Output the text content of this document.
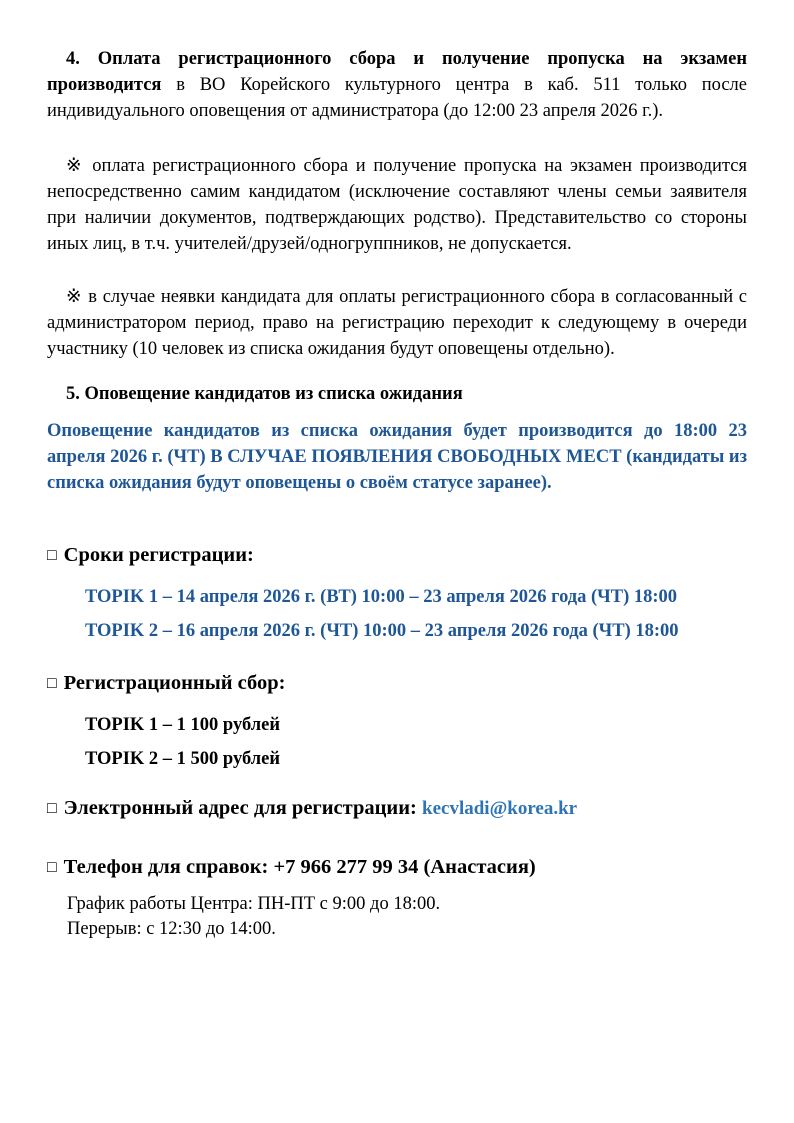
4. Оплата регистрационного сбора и получение пропуска на экзамен производится в ВО Корейского культурного центра в каб. 511 только после индивидуального оповещения от администратора (до 12:00 23 апреля 2026 г.).

※ оплата регистрационного сбора и получение пропуска на экзамен производится непосредственно самим кандидатом (исключение составляют члены семьи заявителя при наличии документов, подтверждающих родство). Представительство со стороны иных лиц, в т.ч. учителей/друзей/одногруппников, не допускается.

※ в случае неявки кандидата для оплаты регистрационного сбора в согласованный с администратором период, право на регистрацию переходит к следующему в очереди участнику (10 человек из списка ожидания будут оповещены отдельно).

5. Оповещение кандидатов из списка ожидания

Оповещение кандидатов из списка ожидания будет производится до 18:00 23 апреля 2026 г. (ЧТ) В СЛУЧАЕ ПОЯВЛЕНИЯ СВОБОДНЫХ МЕСТ (кандидаты из списка ожидания будут оповещены о своём статусе заранее).

□ Сроки регистрации:

TOPIK 1 – 14 апреля 2026 г. (ВТ) 10:00 – 23 апреля 2026 года (ЧТ) 18:00

TOPIK 2 – 16 апреля 2026 г. (ЧТ) 10:00 – 23 апреля 2026 года (ЧТ) 18:00

□ Регистрационный сбор:

TOPIK 1 – 1 100 рублей

TOPIK 2 – 1 500 рублей

□ Электронный адрес для регистрации: kecvladi@korea.kr

□ Телефон для справок: +7 966 277 99 34 (Анастасия)

График работы Центра: ПН-ПТ с 9:00 до 18:00.

Перерыв: с 12:30 до 14:00.
